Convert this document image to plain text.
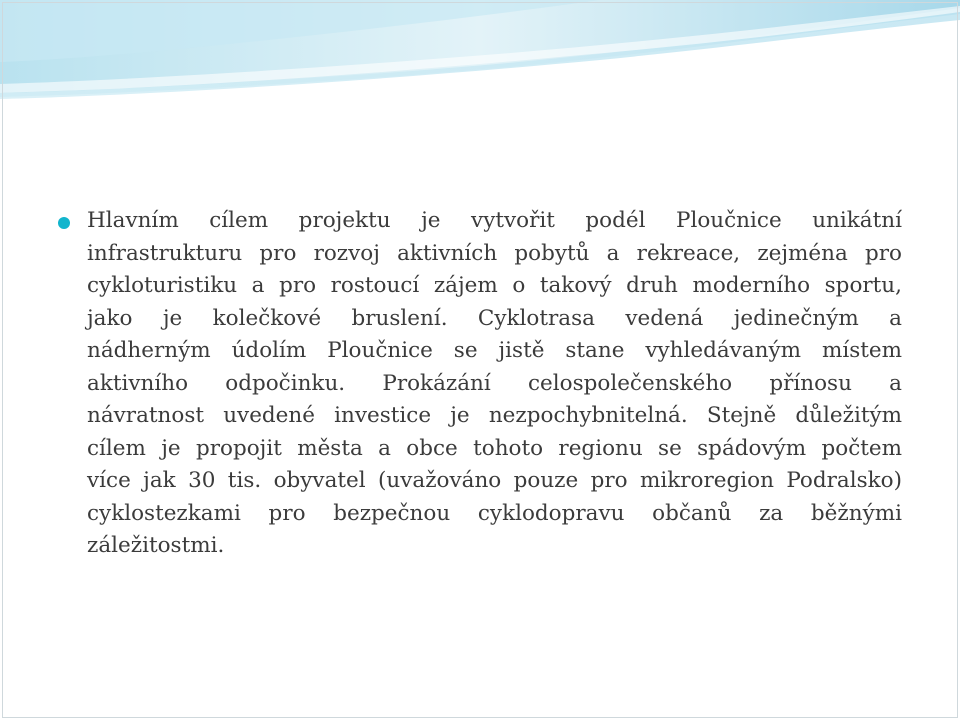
Hlavním cílem projektu je vytvořit podél Ploučnice unikátní
infrastrukturu pro rozvoj aktivních pobytů a rekreace, zejména pro
cykloturistiku a pro rostoucí zájem o takový druh moderního sportu,
jako je kolečkové bruslení. Cyklotrasa vedená jedinečným a
nádherným údolím Ploučnice se jistě stane vyhledávaným místem
aktivního odpočinku. Prokázání celospolečenského přínosu a
návratnost uvedené investice je nezpochybnitelná. Stejně důležitým
cílem je propojit města a obce tohoto regionu se spádovým počtem
více jak 30 tis. obyvatel (uvažováno pouze pro mikroregion Podralsko)
cyklostezkami pro bezpečnou cyklodopravu občanů za běžnými
záležitostmi.
